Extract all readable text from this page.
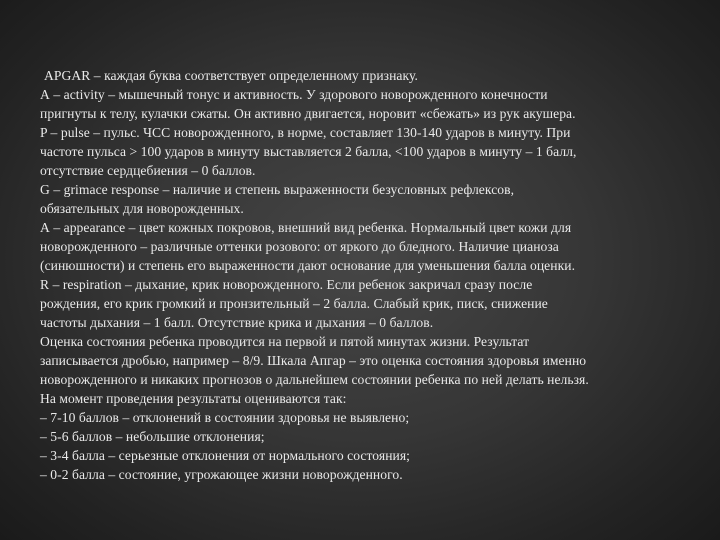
APGAR – каждая буква соответствует определенному признаку.
А – activity – мышечный тонус и активность. У здорового новорожденного конечности
пригнуты к телу, кулачки сжаты. Он активно двигается, норовит «сбежать» из рук акушера.
P – pulse – пульс. ЧСС новорожденного, в норме, составляет 130-140 ударов в минуту. При
частоте пульса > 100 ударов в минуту выставляется 2 балла, <100 ударов в минуту – 1 балл,
отсутствие сердцебиения – 0 баллов.
G – grimace response – наличие и степень выраженности безусловных рефлексов,
обязательных для новорожденных.
А – appearance – цвет кожных покровов, внешний вид ребенка. Нормальный цвет кожи для
новорожденного – различные оттенки розового: от яркого до бледного. Наличие цианоза
(синюшности) и степень его выраженности дают основание для уменьшения балла оценки.
R – respiration – дыхание, крик новорожденного. Если ребенок закричал сразу после
рождения, его крик громкий и пронзительный – 2 балла. Слабый крик, писк, снижение
частоты дыхания – 1 балл. Отсутствие крика и дыхания – 0 баллов.
Оценка состояния ребенка проводится на первой и пятой минутах жизни. Результат
записывается дробью, например – 8/9. Шкала Апгар – это оценка состояния здоровья именно
новорожденного и никаких прогнозов о дальнейшем состоянии ребенка по ней делать нельзя.
На момент проведения результаты оцениваются так:
– 7-10 баллов – отклонений в состоянии здоровья не выявлено;
– 5-6 баллов – небольшие отклонения;
– 3-4 балла – серьезные отклонения от нормального состояния;
– 0-2 балла – состояние, угрожающее жизни новорожденного.
